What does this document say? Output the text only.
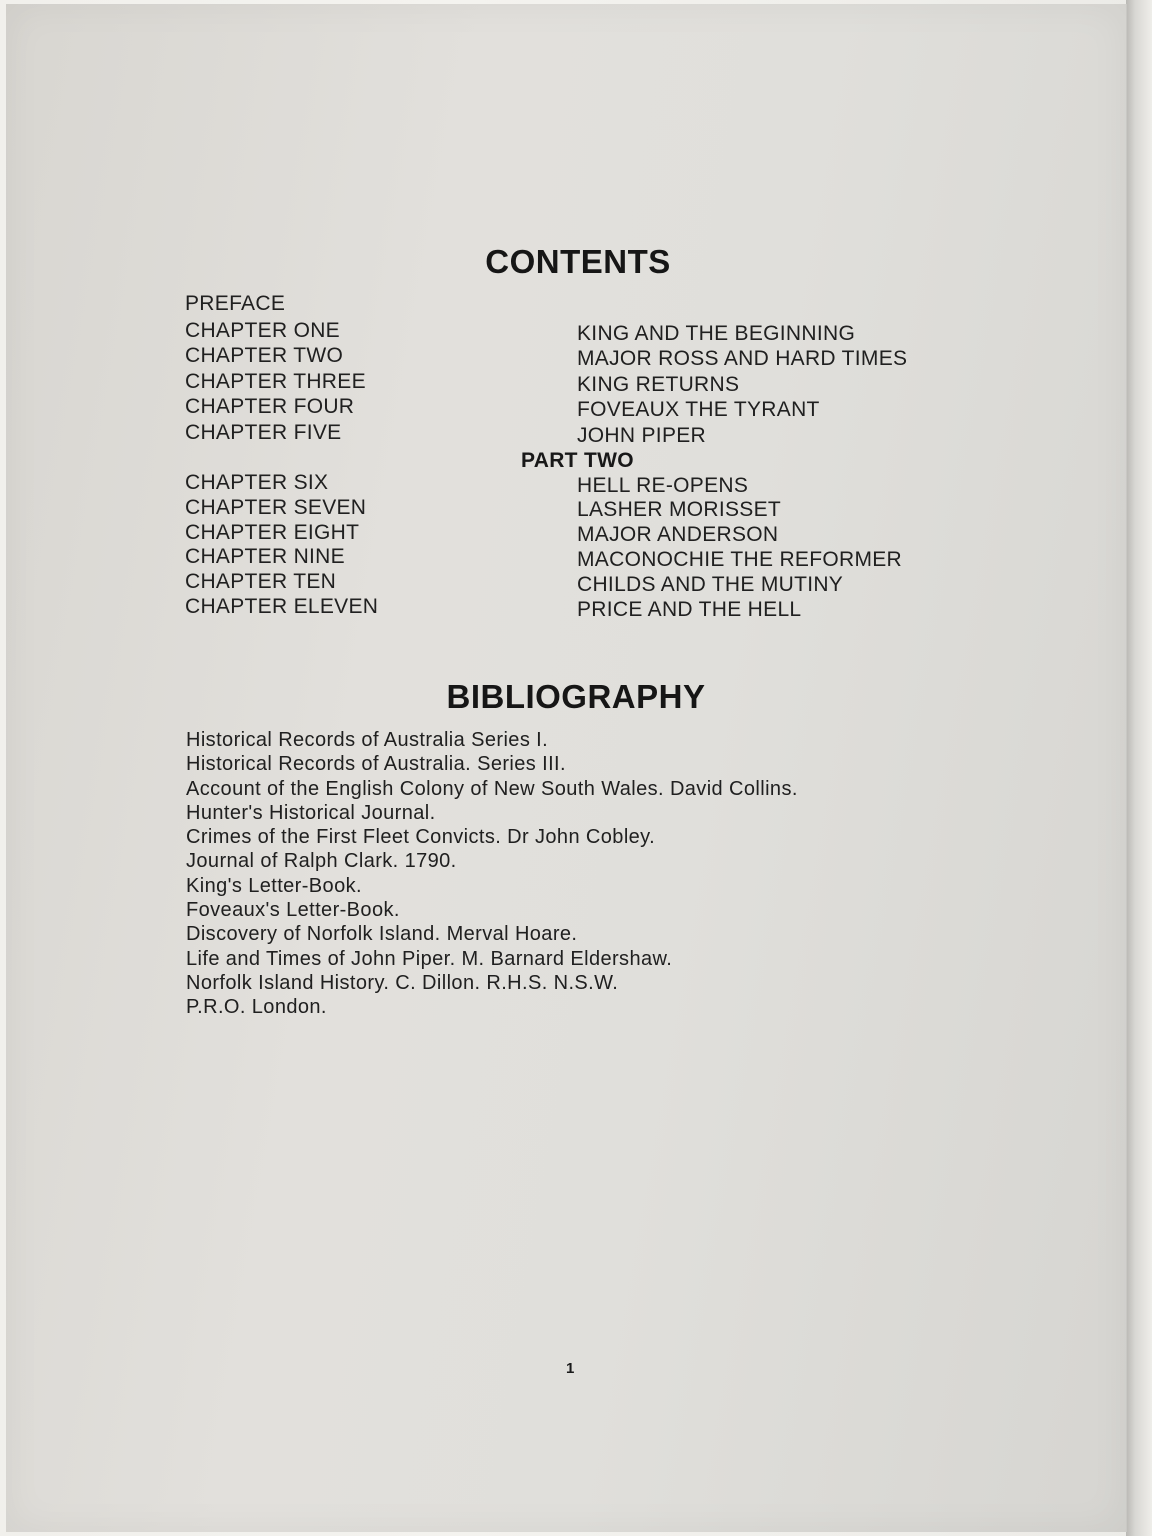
CONTENTS
PREFACE
CHAPTER ONE	KING AND THE BEGINNING
CHAPTER TWO	MAJOR ROSS AND HARD TIMES
CHAPTER THREE	KING RETURNS
CHAPTER FOUR	FOVEAUX THE TYRANT
CHAPTER FIVE	JOHN PIPER
PART TWO
CHAPTER SIX	HELL RE-OPENS
CHAPTER SEVEN	LASHER MORISSET
CHAPTER EIGHT	MAJOR ANDERSON
CHAPTER NINE	MACONOCHIE THE REFORMER
CHAPTER TEN	CHILDS AND THE MUTINY
CHAPTER ELEVEN	PRICE AND THE HELL
BIBLIOGRAPHY
Historical Records of Australia Series I.
Historical Records of Australia. Series III.
Account of the English Colony of New South Wales. David Collins.
Hunter's Historical Journal.
Crimes of the First Fleet Convicts. Dr John Cobley.
Journal of Ralph Clark. 1790.
King's Letter-Book.
Foveaux's Letter-Book.
Discovery of Norfolk Island. Merval Hoare.
Life and Times of John Piper. M. Barnard Eldershaw.
Norfolk Island History. C. Dillon. R.H.S. N.S.W.
P.R.O. London.
1
